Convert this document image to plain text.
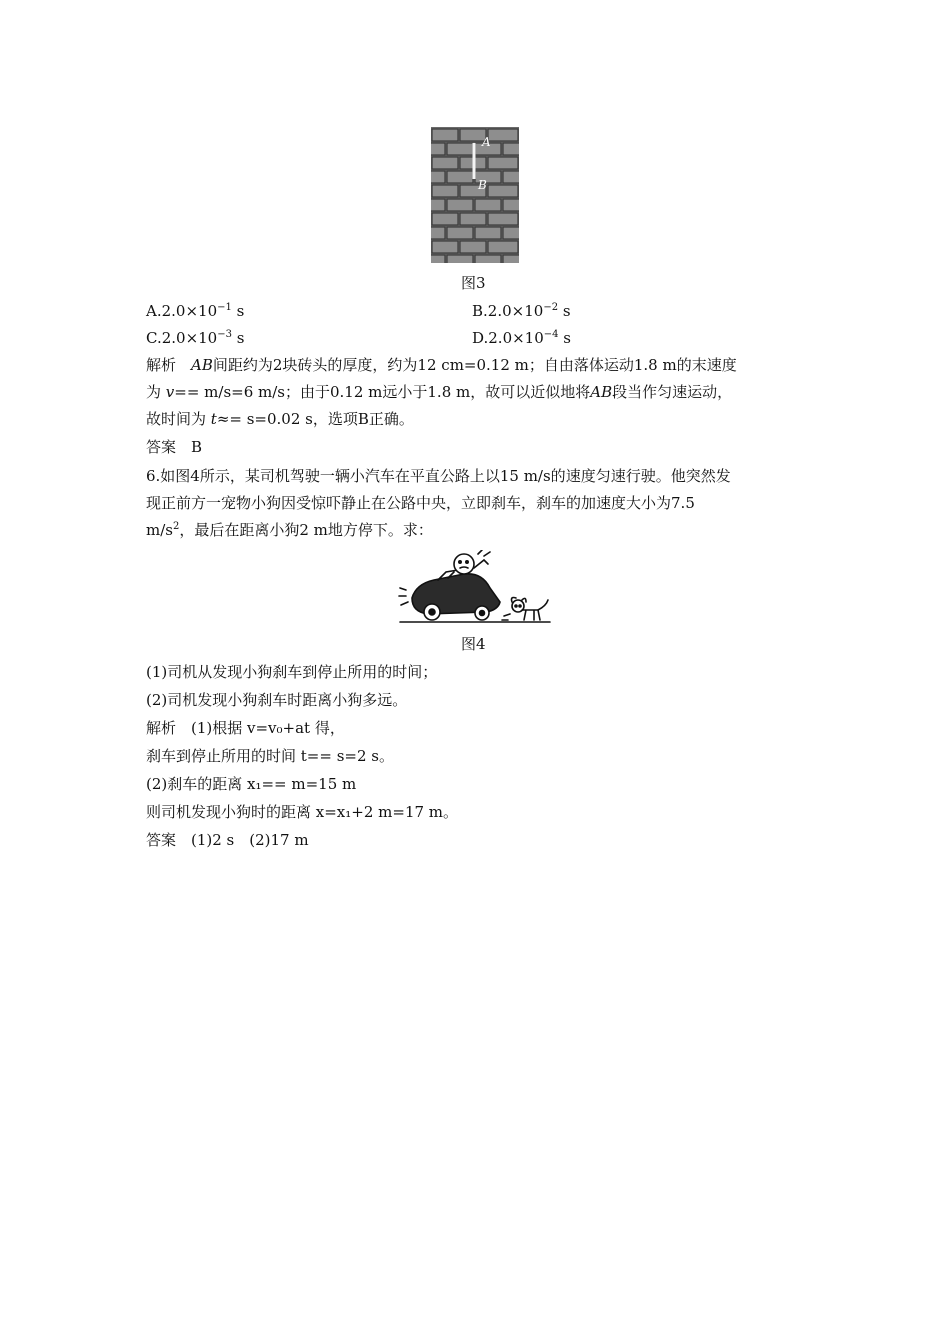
A
B
图3
$A.2.0\times 10^{-1}$ s	$B.2.0\times 10^{-2}$ s
$C.2.0\times 10^{-3}$ s	$D.2.0\times 10^{-4}$ s
解析　 AB间距约为2块砖头的厚度，约为12 cm=0.12 m；自由落体运动1.8 m的末速度
为 v== m/s=6 m/s；由于0.12 m远小于1.8 m，故可以近似地将AB段当作匀速运动，
故时间为 t≈= s=0.02 s，选项B正确。
答案　B
6.如图4所示，某司机驾驶一辆小汽车在平直公路上以15 m/s的速度匀速行驶。他突然发
现正前方一宠物小狗因受惊吓静止在公路中央，立即刹车，刹车的加速度大小为7.5
$m/s^2$，最后在距离小狗2 m地方停下。求：
图4
(1)司机从发现小狗刹车到停止所用的时间；
(2)司机发现小狗刹车时距离小狗多远。
解析　(1)根据 v=v₀+at 得，
刹车到停止所用的时间 t== s=2 s。
(2)刹车的距离 x₁== m=15 m
则司机发现小狗时的距离 x=x₁+2 m=17 m。
答案　(1)2 s　(2)17 m
